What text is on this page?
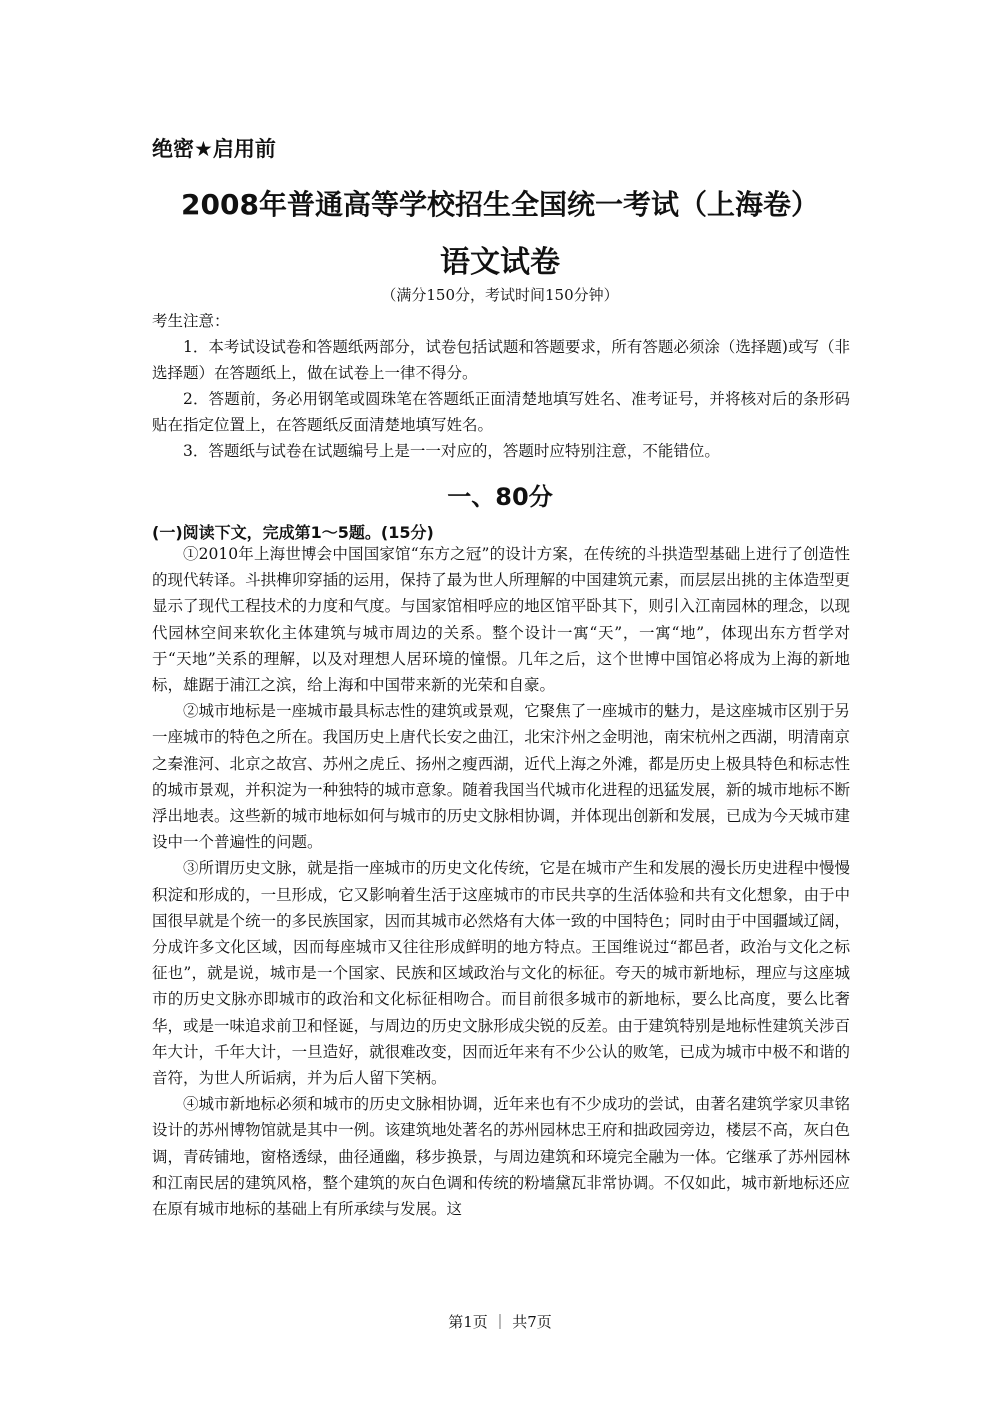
绝密★启用前
2008年普通高等学校招生全国统一考试（上海卷）
语文试卷
（满分150分，考试时间150分钟）
考生注意：

1．本考试设试卷和答题纸两部分，试卷包括试题和答题要求，所有答题必须涂（选择题)或写（非选择题）在答题纸上，做在试卷上一律不得分。

2．答题前，务必用钢笔或圆珠笔在答题纸正面清楚地填写姓名、准考证号，并将核对后的条形码贴在指定位置上，在答题纸反面清楚地填写姓名。

3．答题纸与试卷在试题编号上是一一对应的，答题时应特别注意，不能错位。

一、80分
(一)阅读下文，完成第1～5题。(15分)

①2010年上海世博会中国国家馆“东方之冠”的设计方案，在传统的斗拱造型基础上进行了创造性的现代转译。斗拱榫卯穿插的运用，保持了最为世人所理解的中国建筑元素，而层层出挑的主体造型更显示了现代工程技术的力度和气度。与国家馆相呼应的地区馆平卧其下，则引入江南园林的理念，以现代园林空间来软化主体建筑与城市周边的关系。整个设计一寓“天”，一寓“地”，体现出东方哲学对于“天地”关系的理解，以及对理想人居环境的憧憬。几年之后，这个世博中国馆必将成为上海的新地标，雄踞于浦江之滨，给上海和中国带来新的光荣和自豪。

②城市地标是一座城市最具标志性的建筑或景观，它聚焦了一座城市的魅力，是这座城市区别于另一座城市的特色之所在。我国历史上唐代长安之曲江，北宋汴州之金明池，南宋杭州之西湖，明清南京之秦淮河、北京之故宫、苏州之虎丘、扬州之瘦西湖，近代上海之外滩，都是历史上极具特色和标志性的城市景观，并积淀为一种独特的城市意象。随着我国当代城市化进程的迅猛发展，新的城市地标不断浮出地表。这些新的城市地标如何与城市的历史文脉相协调，并体现出创新和发展，已成为今天城市建设中一个普遍性的问题。

③所谓历史文脉，就是指一座城市的历史文化传统，它是在城市产生和发展的漫长历史进程中慢慢积淀和形成的，一旦形成，它又影响着生活于这座城市的市民共享的生活体验和共有文化想象，由于中国很早就是个统一的多民族国家，因而其城市必然烙有大体一致的中国特色；同时由于中国疆域辽阔，分成许多文化区域，因而每座城市又往往形成鲜明的地方特点。王国维说过“都邑者，政治与文化之标征也”，就是说，城市是一个国家、民族和区域政治与文化的标征。夸天的城市新地标，理应与这座城市的历史文脉亦即城市的政治和文化标征相吻合。而目前很多城市的新地标，要么比高度，要么比奢华，或是一味追求前卫和怪诞，与周边的历史文脉形成尖锐的反差。由于建筑特别是地标性建筑关涉百年大计，千年大计，一旦造好，就很难改变，因而近年来有不少公认的败笔，已成为城市中极不和谐的音符，为世人所诟病，并为后人留下笑柄。

④城市新地标必须和城市的历史文脉相协调，近年来也有不少成功的尝试，由著名建筑学家贝聿铭设计的苏州博物馆就是其中一例。该建筑地处著名的苏州园林忠王府和拙政园旁边，楼层不高，灰白色调，青砖铺地，窗格透绿，曲径通幽，移步换景，与周边建筑和环境完全融为一体。它继承了苏州园林和江南民居的建筑风格，整个建筑的灰白色调和传统的粉墙黛瓦非常协调。不仅如此，城市新地标还应在原有城市地标的基础上有所承续与发展。这

第1页 ｜ 共7页
